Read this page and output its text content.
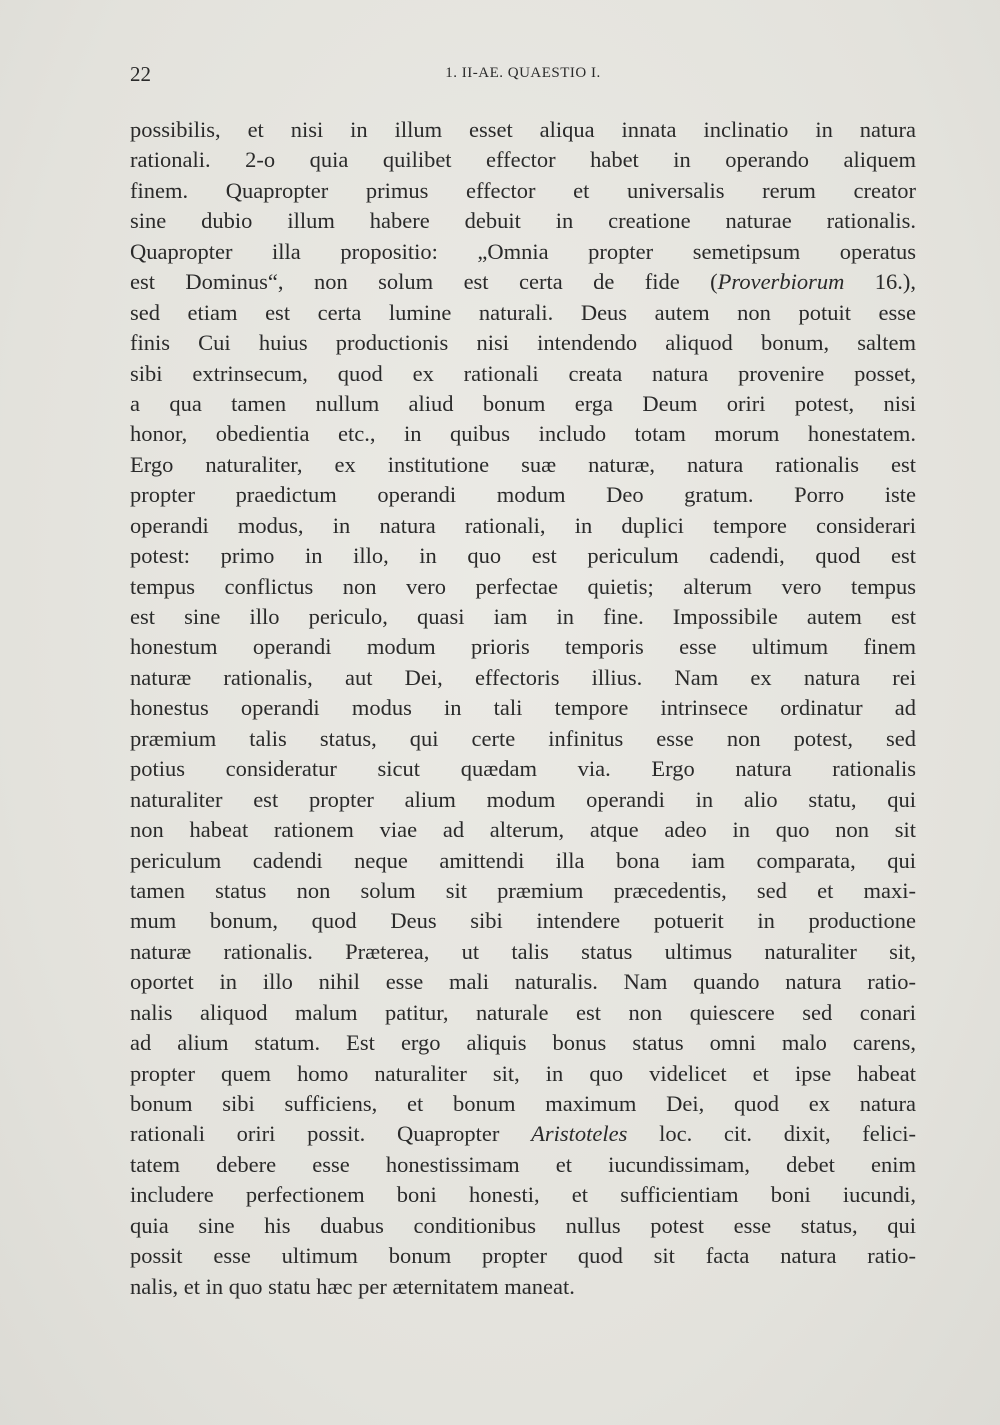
22	1. II-AE. QUAESTIO I.
possibilis, et nisi in illum esset aliqua innata inclinatio in natura
rationali. 2-o quia quilibet effector habet in operando aliquem
finem. Quapropter primus effector et universalis rerum creator
sine dubio illum habere debuit in creatione naturae rationalis.
Quapropter illa propositio: „Omnia propter semetipsum operatus
est Dominus“, non solum est certa de fide (Proverbiorum 16.),
sed etiam est certa lumine naturali. Deus autem non potuit esse
finis Cui huius productionis nisi intendendo aliquod bonum, saltem
sibi extrinsecum, quod ex rationali creata natura provenire posset,
a qua tamen nullum aliud bonum erga Deum oriri potest, nisi
honor, obedientia etc., in quibus includo totam morum honestatem.
Ergo naturaliter, ex institutione suæ naturæ, natura rationalis est
propter praedictum operandi modum Deo gratum. Porro iste
operandi modus, in natura rationali, in duplici tempore considerari
potest: primo in illo, in quo est periculum cadendi, quod est
tempus conflictus non vero perfectae quietis; alterum vero tempus
est sine illo periculo, quasi iam in fine. Impossibile autem est
honestum operandi modum prioris temporis esse ultimum finem
naturæ rationalis, aut Dei, effectoris illius. Nam ex natura rei
honestus operandi modus in tali tempore intrinsece ordinatur ad
præmium talis status, qui certe infinitus esse non potest, sed
potius consideratur sicut quædam via. Ergo natura rationalis
naturaliter est propter alium modum operandi in alio statu, qui
non habeat rationem viae ad alterum, atque adeo in quo non sit
periculum cadendi neque amittendi illa bona iam comparata, qui
tamen status non solum sit præmium præcedentis, sed et maxi-
mum bonum, quod Deus sibi intendere potuerit in productione
naturæ rationalis. Præterea, ut talis status ultimus naturaliter sit,
oportet in illo nihil esse mali naturalis. Nam quando natura ratio-
nalis aliquod malum patitur, naturale est non quiescere sed conari
ad alium statum. Est ergo aliquis bonus status omni malo carens,
propter quem homo naturaliter sit, in quo videlicet et ipse habeat
bonum sibi sufficiens, et bonum maximum Dei, quod ex natura
rationali oriri possit. Quapropter Aristoteles loc. cit. dixit, felici-
tatem debere esse honestissimam et iucundissimam, debet enim
includere perfectionem boni honesti, et sufficientiam boni iucundi,
quia sine his duabus conditionibus nullus potest esse status, qui
possit esse ultimum bonum propter quod sit facta natura ratio-
nalis, et in quo statu hæc per æternitatem maneat.
